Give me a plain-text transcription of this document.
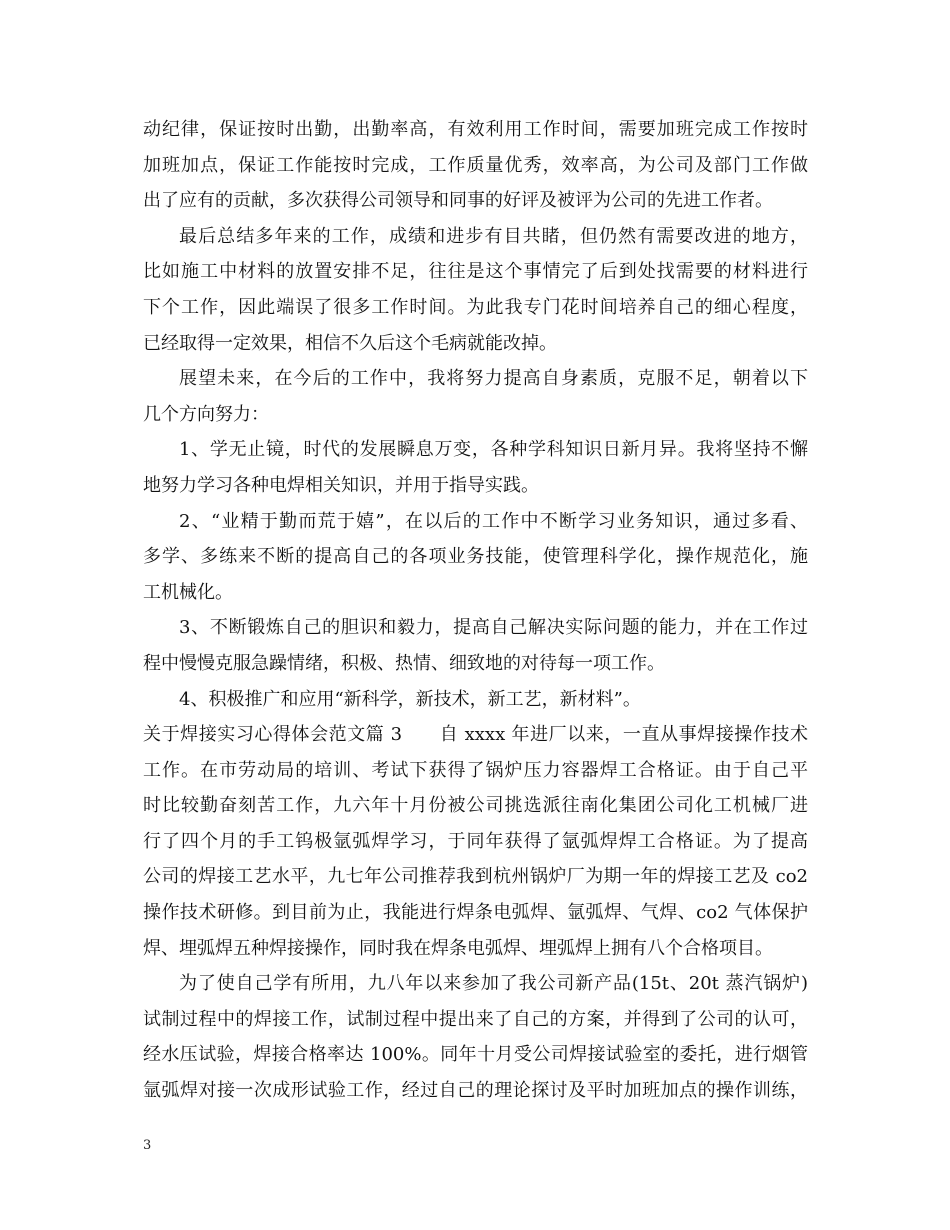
动纪律，保证按时出勤，出勤率高，有效利用工作时间，需要加班完成工作按时
加班加点，保证工作能按时完成，工作质量优秀，效率高，为公司及部门工作做
出了应有的贡献，多次获得公司领导和同事的好评及被评为公司的先进工作者。
最后总结多年来的工作，成绩和进步有目共睹，但仍然有需要改进的地方，
比如施工中材料的放置安排不足，往往是这个事情完了后到处找需要的材料进行
下个工作，因此端误了很多工作时间。为此我专门花时间培养自己的细心程度，
已经取得一定效果，相信不久后这个毛病就能改掉。
展望未来，在今后的工作中，我将努力提高自身素质，克服不足，朝着以下
几个方向努力：
1、学无止镜，时代的发展瞬息万变，各种学科知识日新月异。我将坚持不懈
地努力学习各种电焊相关知识，并用于指导实践。
2、“业精于勤而荒于嬉”，在以后的工作中不断学习业务知识，通过多看、
多学、多练来不断的提高自己的各项业务技能，使管理科学化，操作规范化，施
工机械化。
3、不断锻炼自己的胆识和毅力，提高自己解决实际问题的能力，并在工作过
程中慢慢克服急躁情绪，积极、热情、细致地的对待每一项工作。
4、积极推广和应用“新科学，新技术，新工艺，新材料”。
关于焊接实习心得体会范文篇 3　　自 xxxx 年进厂以来，一直从事焊接操作技术
工作。在市劳动局的培训、考试下获得了锅炉压力容器焊工合格证。由于自己平
时比较勤奋刻苦工作，九六年十月份被公司挑选派往南化集团公司化工机械厂进
行了四个月的手工钨极氩弧焊学习，于同年获得了氩弧焊焊工合格证。为了提高
公司的焊接工艺水平，九七年公司推荐我到杭州锅炉厂为期一年的焊接工艺及 co2
操作技术研修。到目前为止，我能进行焊条电弧焊、氩弧焊、气焊、co2 气体保护
焊、埋弧焊五种焊接操作，同时我在焊条电弧焊、埋弧焊上拥有八个合格项目。
为了使自己学有所用，九八年以来参加了我公司新产品(15t、20t 蒸汽锅炉)
试制过程中的焊接工作，试制过程中提出来了自己的方案，并得到了公司的认可，
经水压试验，焊接合格率达 100%。同年十月受公司焊接试验室的委托，进行烟管
氩弧焊对接一次成形试验工作，经过自己的理论探讨及平时加班加点的操作训练，
3
